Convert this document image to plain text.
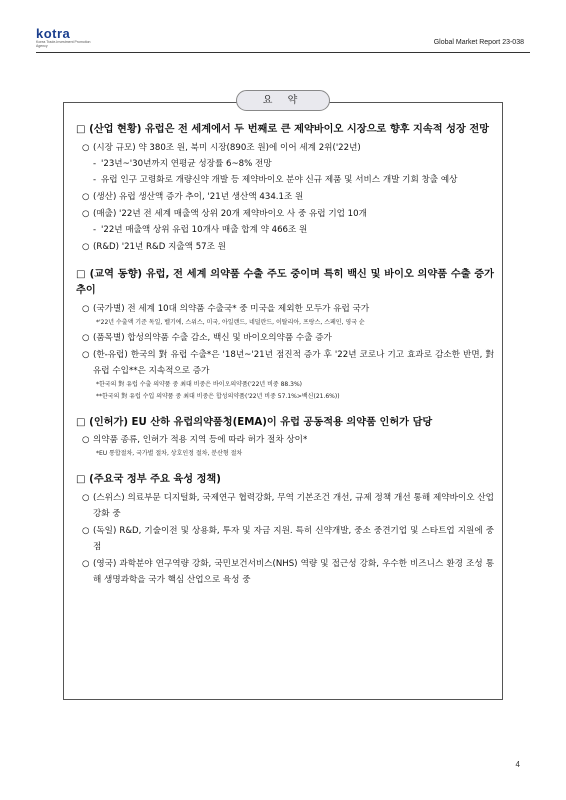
kotra
Korea Trade-Investment Promotion Agency	Global Market Report 23-038
요 약
□ (산업 현황) 유럽은 전 세계에서 두 번째로 큰 제약바이오 시장으로 향후 지속적 성장 전망
○ (시장 규모) 약 380조 원, 북미 시장(890조 원)에 이어 세계 2위('22년)
- '23년~'30년까지 연평균 성장률 6~8% 전망
- 유럽 인구 고령화로 개량신약 개발 등 제약바이오 분야 신규 제품 및 서비스 개발 기회 창출 예상
○ (생산) 유럽 생산액 증가 추이, '21년 생산액 434.1조 원
○ (매출) '22년 전 세계 매출액 상위 20개 제약바이오 사 중 유럽 기업 10개
- '22년 매출액 상위 유럽 10개사 매출 합계 약 466조 원
○ (R&D) '21년 R&D 지출액 57조 원
□ (교역 동향) 유럽, 전 세계 의약품 수출 주도 중이며 특히 백신 및 바이오 의약품 수출 증가 추이
○ (국가별) 전 세계 10대 의약품 수출국* 중 미국을 제외한 모두가 유럽 국가
*'22년 수출액 기준 독일, 벨기에, 스위스, 미국, 아일랜드, 네덜란드, 이탈리아, 프랑스, 스페인, 영국 순
○ (품목별) 합성의약품 수출 감소, 백신 및 바이오의약품 수출 증가
○ (한-유럽) 한국의 對 유럽 수출*은 '18년~'21년 점진적 증가 후 '22년 코로나 기고 효과로 감소한 반면, 對 유럽 수입**은 지속적으로 증가
*한국의 對 유럽 수출 의약품 중 최대 비중은 바이오의약품('22년 비중 88.3%)
**한국의 對 유럽 수입 의약품 중 최대 비중은 합성의약품('22년 비중 57.1%>백신(21.6%))
□ (인허가) EU 산하 유럽의약품청(EMA)이 유럽 공동적용 의약품 인허가 담당
○ 의약품 종류, 인허가 적용 지역 등에 따라 허가 절차 상이*
*EU 통합절차, 국가별 절차, 상호인정 절차, 분산형 절차
□ (주요국 정부 주요 육성 정책)
○ (스위스) 의료부문 디지털화, 국제연구 협력강화, 무역 기본조건 개선, 규제 정책 개선 통해 제약바이오 산업 강화 중
○ (독일) R&D, 기술이전 및 상용화, 투자 및 자금 지원. 특히 신약개발, 중소 중견기업 및 스타트업 지원에 중점
○ (영국) 과학분야 연구역량 강화, 국민보건서비스(NHS) 역량 및 접근성 강화, 우수한 비즈니스 환경 조성 통해 생명과학을 국가 핵심 산업으로 육성 중
4
